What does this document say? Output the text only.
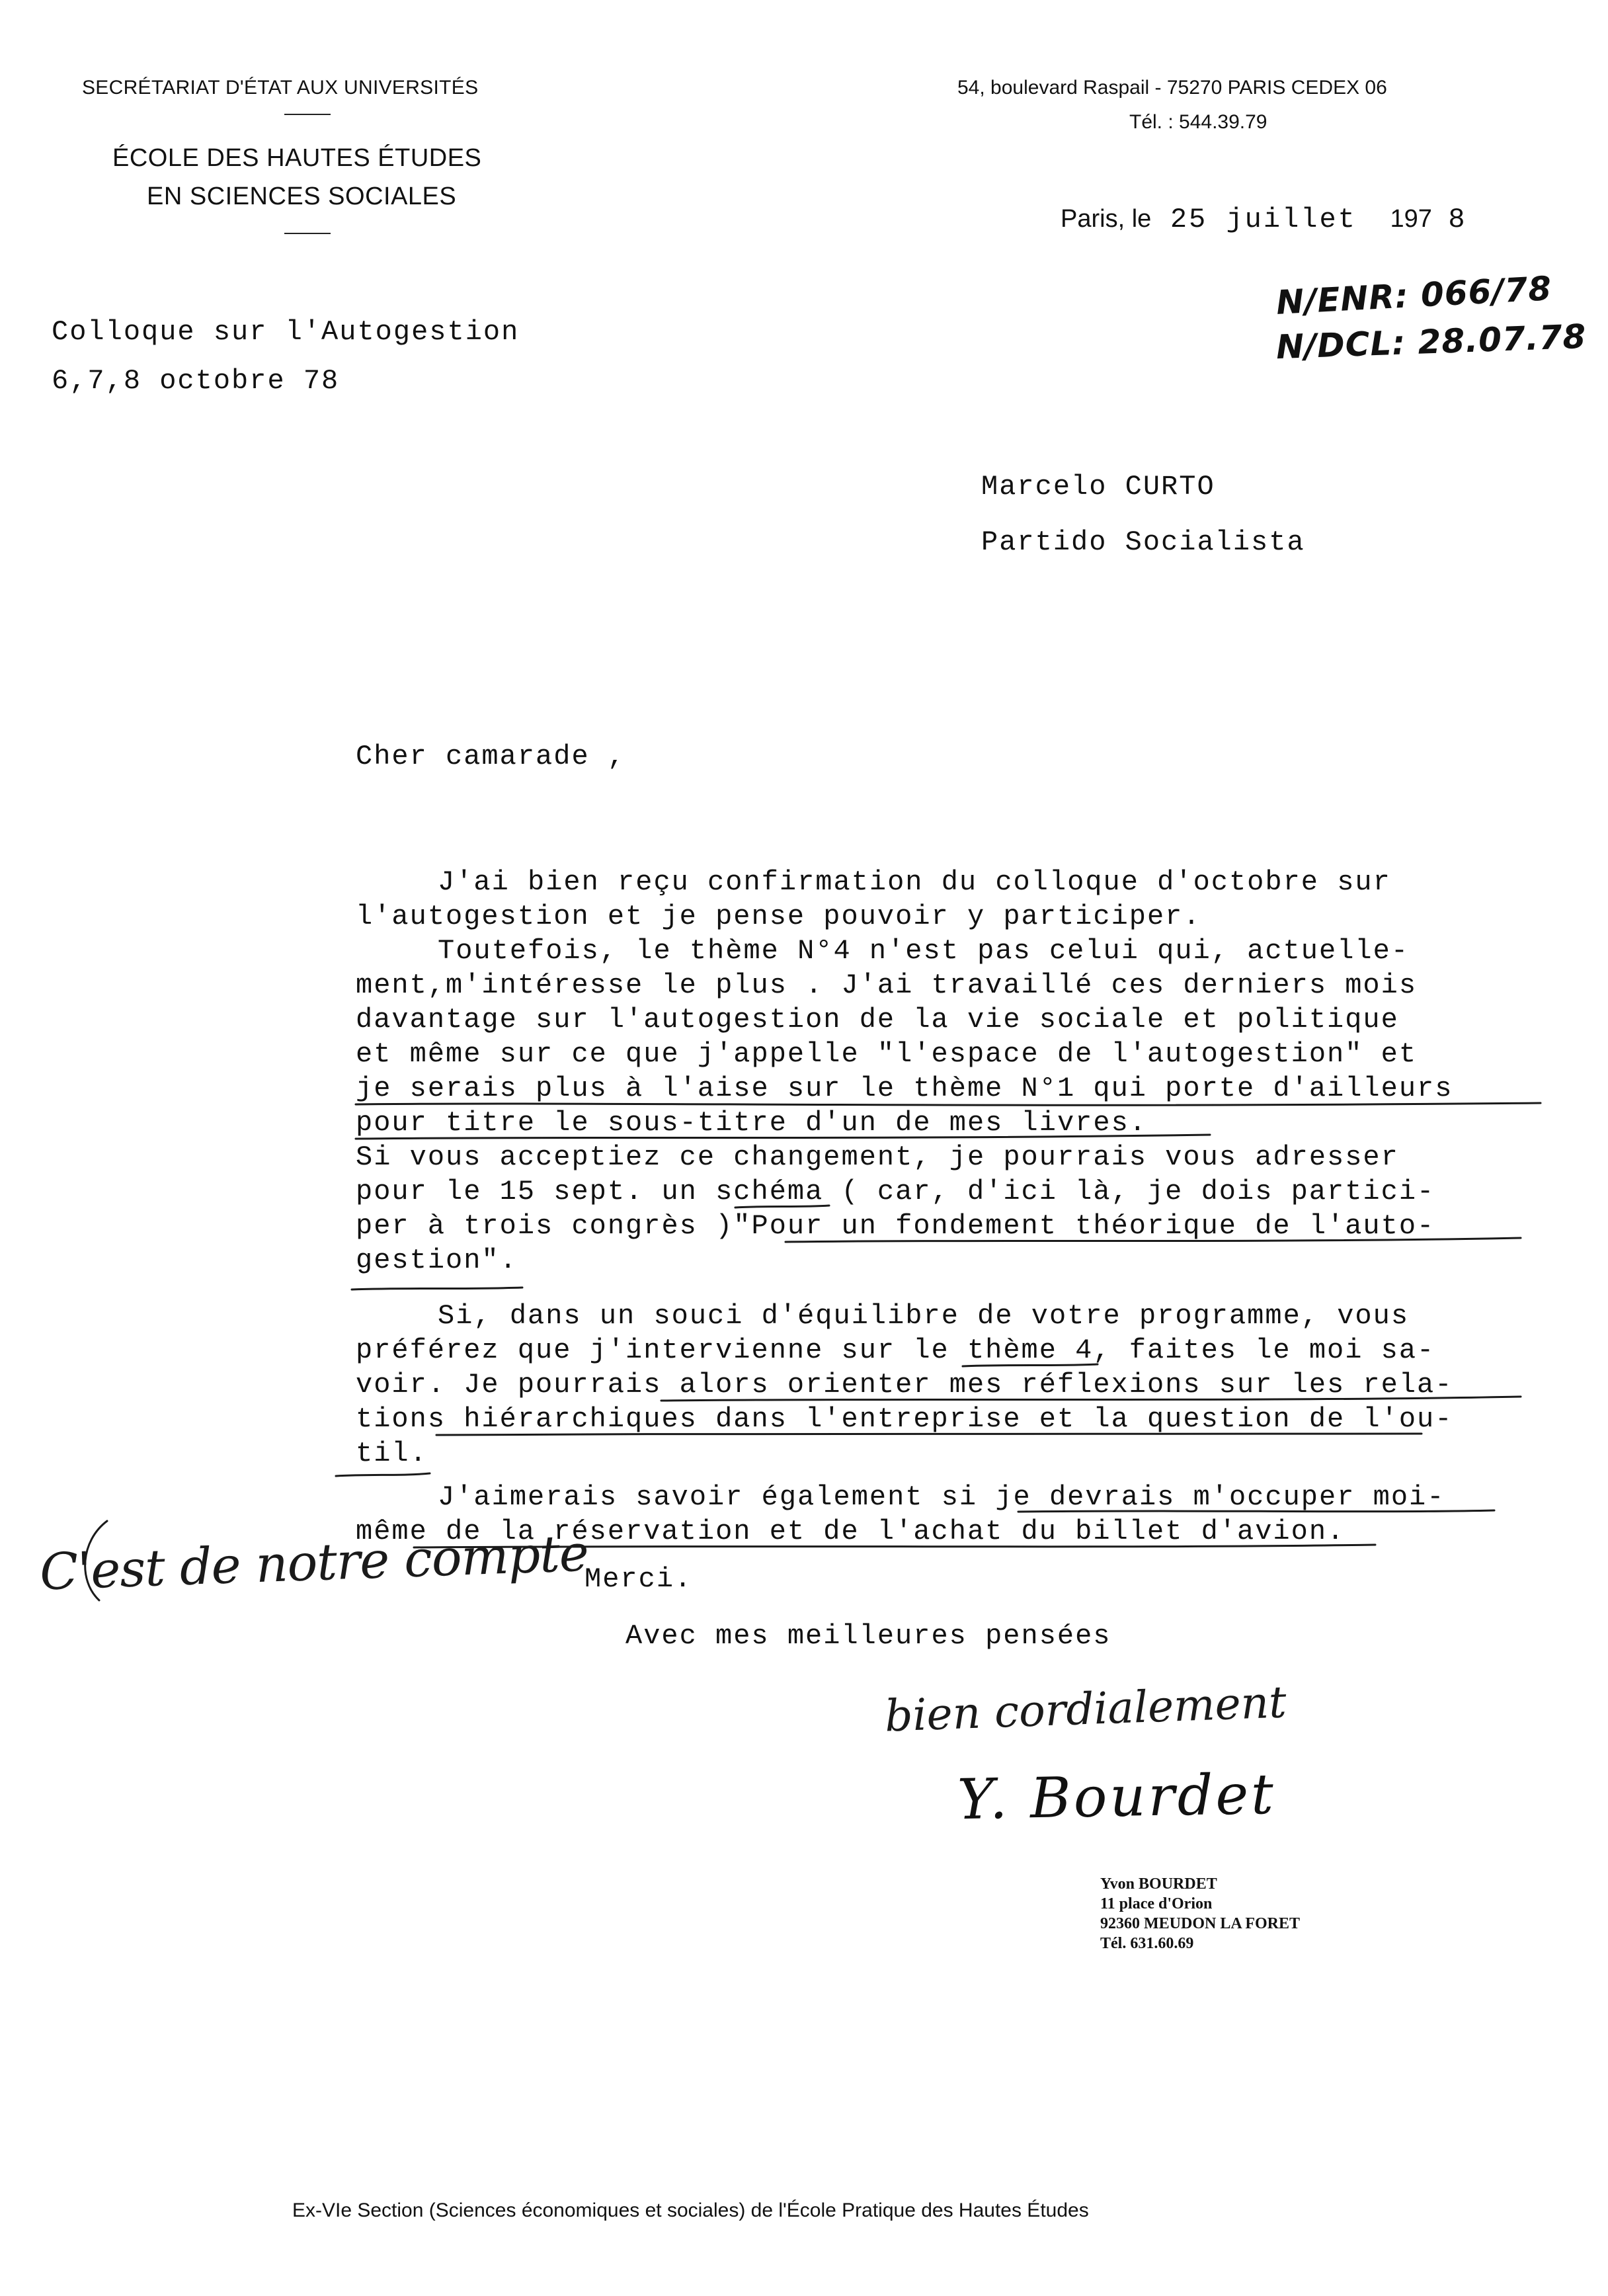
SECRÉTARIAT D'ÉTAT AUX UNIVERSITÉS
ÉCOLE DES HAUTES ÉTUDES
EN SCIENCES SOCIALES
54, boulevard Raspail - 75270 PARIS CEDEX 06
Tél. : 544.39.79
Paris, le 25 juillet 197 8
N/ENR: 066/78
N/DCL: 28.07.78
Colloque sur l'Autogestion
6,7,8 octobre 78
Marcelo CURTO
Partido Socialista
Cher camarade ,
J'ai bien reçu confirmation du colloque d'octobre sur
l'autogestion et je pense pouvoir y participer.
Toutefois, le thème N°4 n'est pas celui qui, actuelle-
ment,m'intéresse le plus . J'ai travaillé ces derniers mois
davantage sur l'autogestion de la vie sociale et politique
et même sur ce que j'appelle "l'espace de l'autogestion" et
je serais plus à l'aise sur le thème N°1 qui porte d'ailleurs
pour titre le sous-titre d'un de mes livres.
Si vous acceptiez ce changement, je pourrais vous adresser
pour le 15 sept. un schéma ( car, d'ici là, je dois partici-
per à trois congrès )"Pour un fondement théorique de l'auto-
gestion".
Si, dans un souci d'équilibre de votre programme, vous
préférez que j'intervienne sur le thème 4, faites le moi sa-
voir. Je pourrais alors orienter mes réflexions sur les rela-
tions hiérarchiques dans l'entreprise et la question de l'ou-
til.
J'aimerais savoir également si je devrais m'occuper moi-
même de la réservation et de l'achat du billet d'avion.
Merci.
Avec mes meilleures pensées
C'est de notre compte
bien cordialement
Y. Bourdet
Yvon BOURDET
11 place d'Orion
92360 MEUDON LA FORET
Tél. 631.60.69
Ex-VIe Section (Sciences économiques et sociales) de l'École Pratique des Hautes Études
